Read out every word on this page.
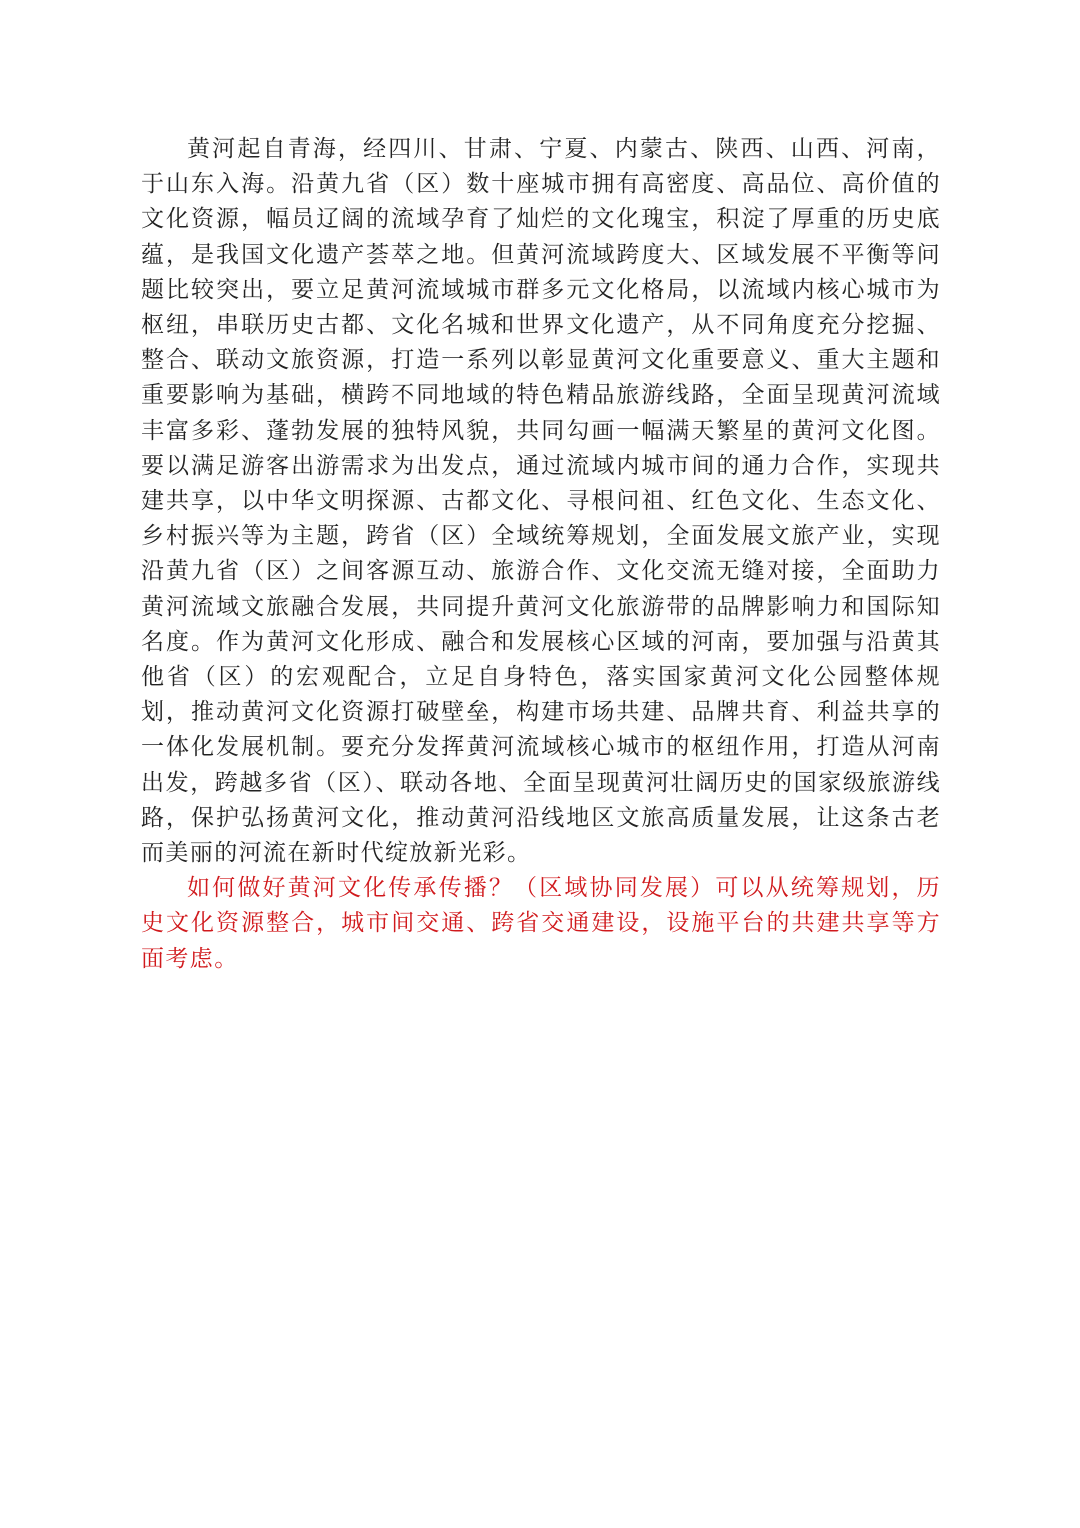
黄河起自青海，经四川、甘肃、宁夏、内蒙古、陕西、山西、河南，于山东入海。沿黄九省（区）数十座城市拥有高密度、高品位、高价值的文化资源，幅员辽阔的流域孕育了灿烂的文化瑰宝，积淀了厚重的历史底蕴，是我国文化遗产荟萃之地。但黄河流域跨度大、区域发展不平衡等问题比较突出，要立足黄河流域城市群多元文化格局，以流域内核心城市为枢纽，串联历史古都、文化名城和世界文化遗产，从不同角度充分挖掘、整合、联动文旅资源，打造一系列以彰显黄河文化重要意义、重大主题和重要影响为基础，横跨不同地域的特色精品旅游线路，全面呈现黄河流域丰富多彩、蓬勃发展的独特风貌，共同勾画一幅满天繁星的黄河文化图。要以满足游客出游需求为出发点，通过流域内城市间的通力合作，实现共建共享，以中华文明探源、古都文化、寻根问祖、红色文化、生态文化、乡村振兴等为主题，跨省（区）全域统筹规划，全面发展文旅产业，实现沿黄九省（区）之间客源互动、旅游合作、文化交流无缝对接，全面助力黄河流域文旅融合发展，共同提升黄河文化旅游带的品牌影响力和国际知名度。作为黄河文化形成、融合和发展核心区域的河南，要加强与沿黄其他省（区）的宏观配合，立足自身特色，落实国家黄河文化公园整体规划，推动黄河文化资源打破壁垒，构建市场共建、品牌共育、利益共享的一体化发展机制。要充分发挥黄河流域核心城市的枢纽作用，打造从河南出发，跨越多省（区）、联动各地、全面呈现黄河壮阔历史的国家级旅游线路，保护弘扬黄河文化，推动黄河沿线地区文旅高质量发展，让这条古老而美丽的河流在新时代绽放新光彩。

如何做好黄河文化传承传播？（区域协同发展）可以从统筹规划，历史文化资源整合，城市间交通、跨省交通建设，设施平台的共建共享等方面考虑。
